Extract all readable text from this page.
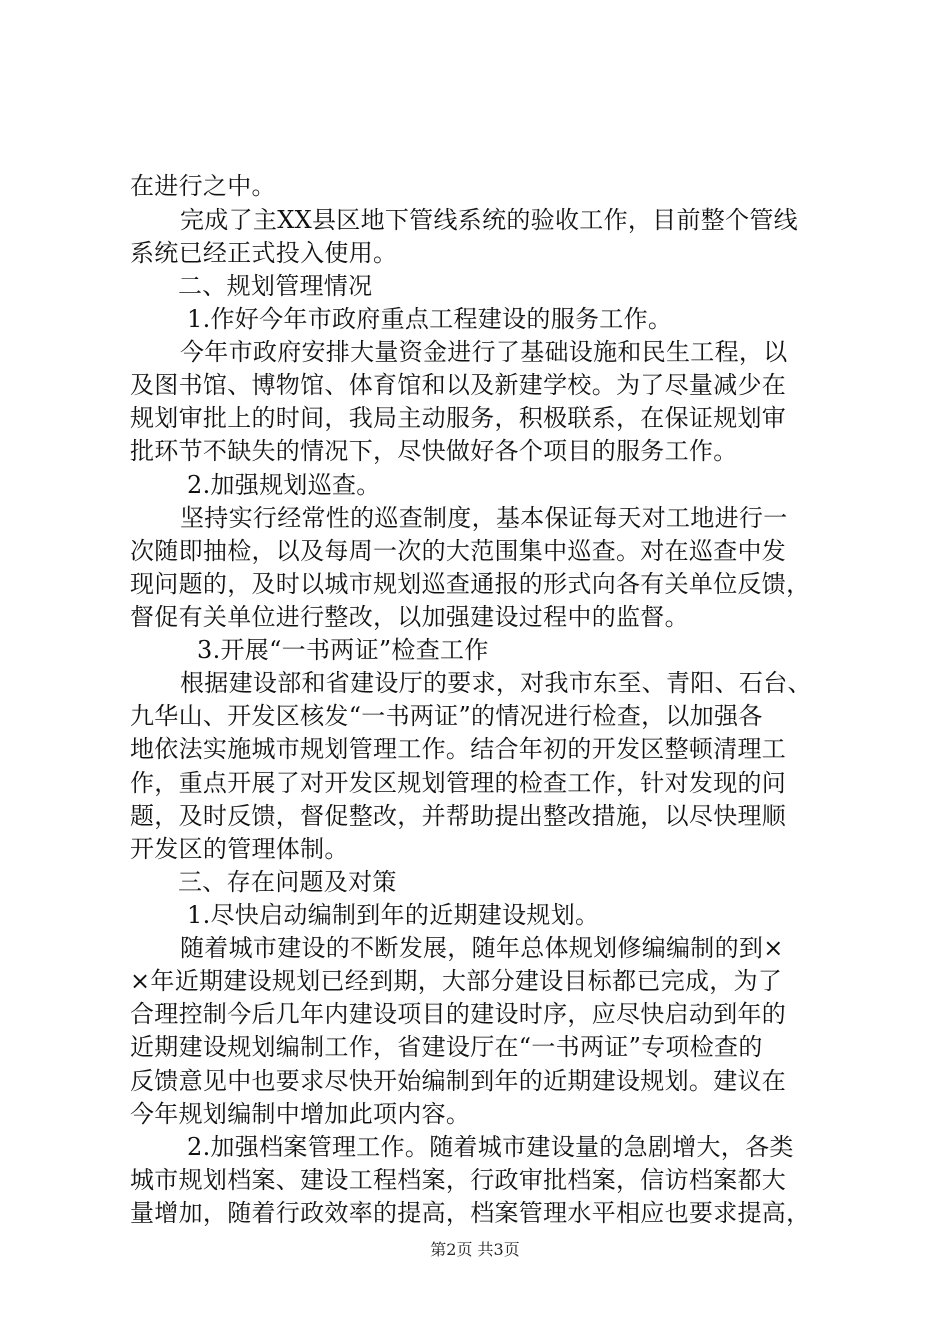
在进行之中。
完成了主XX县区地下管线系统的验收工作，目前整个管线
系统已经正式投入使用。
二、规划管理情况
1.作好今年市政府重点工程建设的服务工作。
今年市政府安排大量资金进行了基础设施和民生工程，以
及图书馆、博物馆、体育馆和以及新建学校。为了尽量减少在
规划审批上的时间，我局主动服务，积极联系，在保证规划审
批环节不缺失的情况下，尽快做好各个项目的服务工作。
2.加强规划巡查。
坚持实行经常性的巡查制度，基本保证每天对工地进行一
次随即抽检，以及每周一次的大范围集中巡查。对在巡查中发
现问题的，及时以城市规划巡查通报的形式向各有关单位反馈，
督促有关单位进行整改，以加强建设过程中的监督。
3.开展“一书两证”检查工作
根据建设部和省建设厅的要求，对我市东至、青阳、石台、
九华山、开发区核发“一书两证”的情况进行检查，以加强各
地依法实施城市规划管理工作。结合年初的开发区整顿清理工
作，重点开展了对开发区规划管理的检查工作，针对发现的问
题，及时反馈，督促整改，并帮助提出整改措施，以尽快理顺
开发区的管理体制。
三、存在问题及对策
1.尽快启动编制到年的近期建设规划。
随着城市建设的不断发展，随年总体规划修编编制的到×
×年近期建设规划已经到期，大部分建设目标都已完成，为了
合理控制今后几年内建设项目的建设时序，应尽快启动到年的
近期建设规划编制工作，省建设厅在“一书两证”专项检查的
反馈意见中也要求尽快开始编制到年的近期建设规划。建议在
今年规划编制中增加此项内容。
2.加强档案管理工作。随着城市建设量的急剧增大，各类
城市规划档案、建设工程档案，行政审批档案，信访档案都大
量增加，随着行政效率的提高，档案管理水平相应也要求提高，
第2页 共3页
